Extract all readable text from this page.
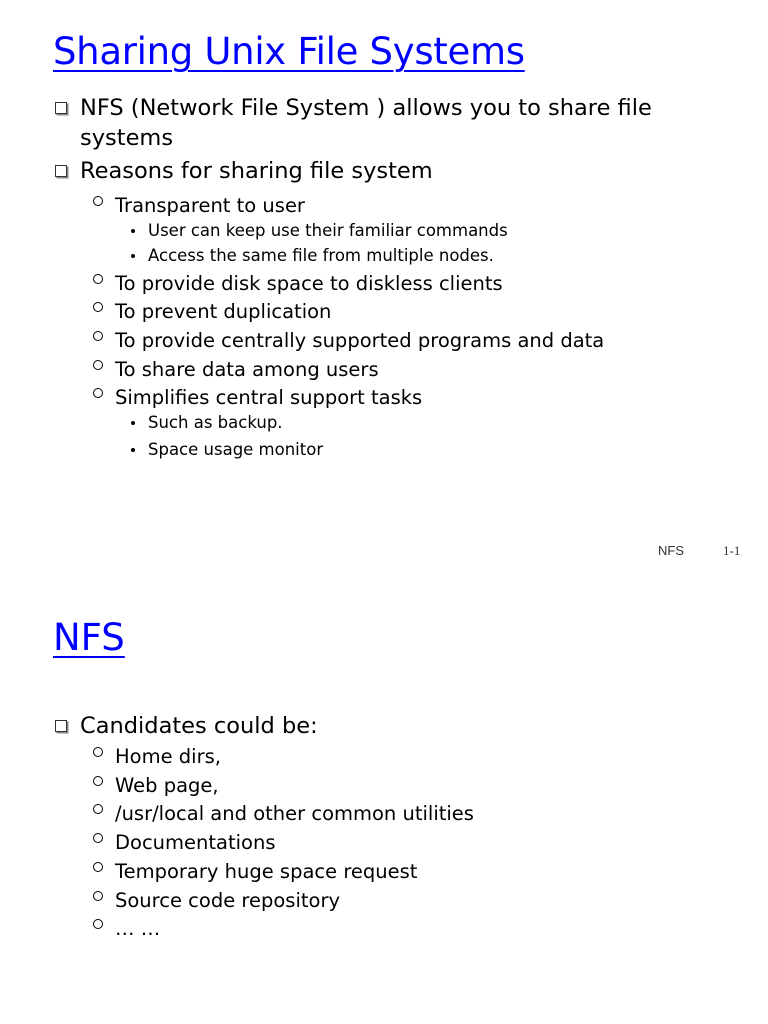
Sharing Unix File Systems
NFS (Network File System ) allows you to share file systems
Reasons for sharing file system
Transparent to user
User can keep use their familiar commands
Access the same file from multiple nodes.
To provide disk space to diskless clients
To prevent duplication
To provide centrally supported programs and data
To share data among users
Simplifies central support tasks
Such as backup.
Space usage monitor
NFS	1-1
NFS
Candidates could be:
Home dirs,
Web page,
/usr/local and other common utilities
Documentations
Temporary huge space request
Source code repository
… …
